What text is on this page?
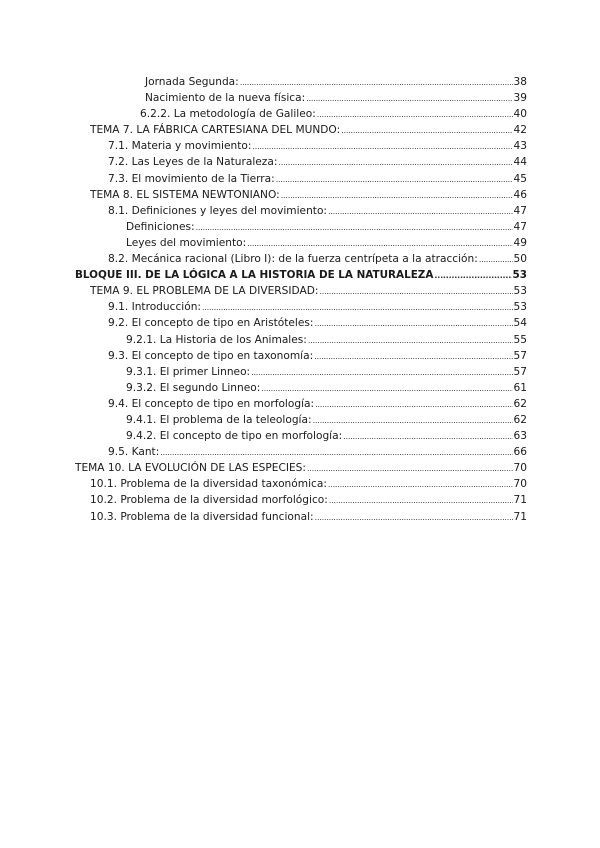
Jornada Segunda: .....	38
Nacimiento de la nueva física: .....	39
6.2.2. La metodología de Galileo: .....	40
TEMA 7. LA FÁBRICA CARTESIANA DEL MUNDO: .....	42
7.1. Materia y movimiento: .....	43
7.2. Las Leyes de la Naturaleza: .....	44
7.3. El movimiento de la Tierra: .....	45
TEMA 8. EL SISTEMA NEWTONIANO: .....	46
8.1. Definiciones y leyes del movimiento: .....	47
Definiciones: .....	47
Leyes del movimiento: .....	49
8.2. Mecánica racional (Libro I): de la fuerza centrípeta a la atracción: .....	50
BLOQUE III. DE LA LÓGICA A LA HISTORIA DE LA NATURALEZA .....	53
TEMA 9. EL PROBLEMA DE LA DIVERSIDAD: .....	53
9.1. Introducción: .....	53
9.2. El concepto de tipo en Aristóteles: .....	54
9.2.1. La Historia de los Animales: .....	55
9.3. El concepto de tipo en taxonomía: .....	57
9.3.1. El primer Linneo: .....	57
9.3.2. El segundo Linneo: .....	61
9.4. El concepto de tipo en morfología: .....	62
9.4.1. El problema de la teleología: .....	62
9.4.2. El concepto de tipo en morfología: .....	63
9.5. Kant: .....	66
TEMA 10. LA EVOLUCIÓN DE LAS ESPECIES: .....	70
10.1. Problema de la diversidad taxonómica: .....	70
10.2. Problema de la diversidad morfológico: .....	71
10.3. Problema de la diversidad funcional: .....	71
